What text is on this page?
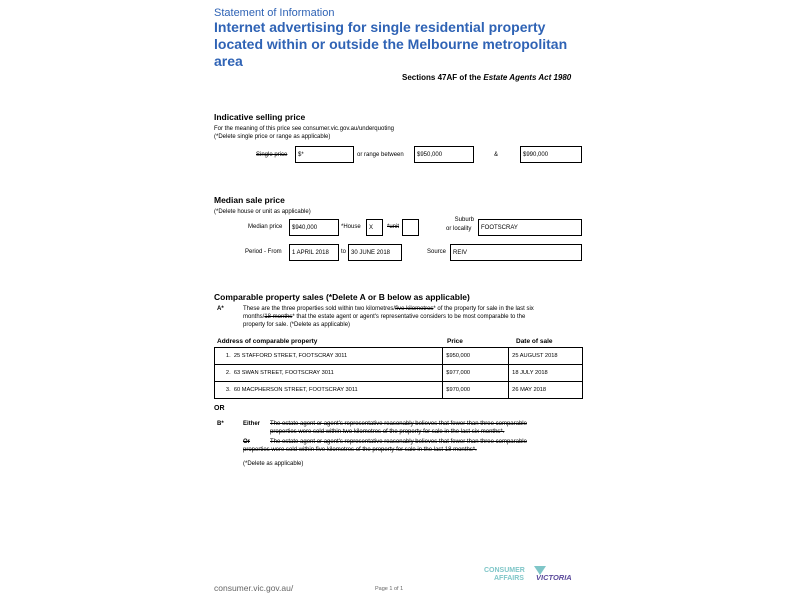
Statement of Information
Internet advertising for single residential property located within or outside the Melbourne metropolitan area
Sections 47AF of the Estate Agents Act 1980
Indicative selling price
For the meaning of this price see consumer.vic.gov.au/underquoting
(*Delete single price or range as applicable)
Single price	$*	or range between	$950,000	&	$990,000
Median sale price
(*Delete house or unit as applicable)
Median price	$940,000	*House	X	*unit
Suburb
or locality	FOOTSCRAY
Period - From	1 APRIL 2018	to 30 JUNE 2018	Source	REIV
Comparable property sales (*Delete A or B below as applicable)
A*	These are the three properties sold within two kilometres/five kilometres* of the property for sale in the last six
months/18 months* that the estate agent or agent's representative considers to be most comparable to the
property for sale. (*Delete as applicable)
Address of comparable property	Price	Date of sale
1. 25 STAFFORD STREET, FOOTSCRAY 3011	$950,000	25 AUGUST 2018
2. 63 SWAN STREET, FOOTSCRAY 3011	$977,000	18 JULY 2018
3. 60 MACPHERSON STREET, FOOTSCRAY 3011	$970,000	26 MAY 2018
OR
B*	Either The estate agent or agent's representative reasonably believes that fewer than three comparable
properties were sold within two kilometres of the property for sale in the last six months*.
Or	The estate agent or agent's representative reasonably believes that fewer than three comparable
properties were sold within five kilometres of the property for sale in the last 18 months*.
(*Delete as applicable)
consumer.vic.gov.au/	Page 1 of 1
CONSUMER
AFFAIRS VICTORIA
